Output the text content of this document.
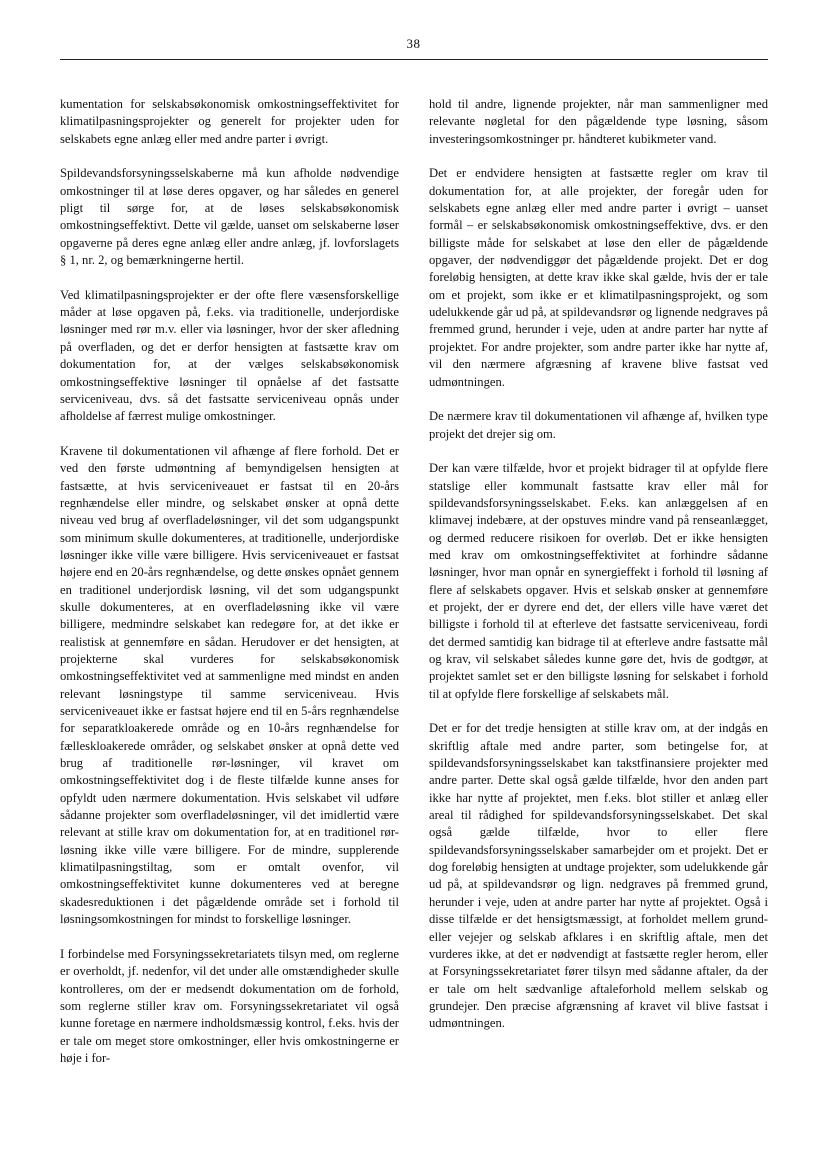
38

kumentation for selskabsøkonomisk omkostningseffektivitet for klimatilpasningsprojekter og generelt for projekter uden for selskabets egne anlæg eller med andre parter i øvrigt.

Spildevandsforsyningsselskaberne må kun afholde nødvendige omkostninger til at løse deres opgaver, og har således en generel pligt til sørge for, at de løses selskabsøkonomisk omkostningseffektivt. Dette vil gælde, uanset om selskaberne løser opgaverne på deres egne anlæg eller andre anlæg, jf. lovforslagets § 1, nr. 2, og bemærkningerne hertil.

Ved klimatilpasningsprojekter er der ofte flere væsensforskellige måder at løse opgaven på, f.eks. via traditionelle, underjordiske løsninger med rør m.v. eller via løsninger, hvor der sker afledning på overfladen, og det er derfor hensigten at fastsætte krav om dokumentation for, at der vælges selskabsøkonomisk omkostningseffektive løsninger til opnåelse af det fastsatte serviceniveau, dvs. så det fastsatte serviceniveau opnås under afholdelse af færrest mulige omkostninger.

Kravene til dokumentationen vil afhænge af flere forhold. Det er ved den første udmøntning af bemyndigelsen hensigten at fastsætte, at hvis serviceniveauet er fastsat til en 20-års regnhændelse eller mindre, og selskabet ønsker at opnå dette niveau ved brug af overfladeløsninger, vil det som udgangspunkt som minimum skulle dokumenteres, at traditionelle, underjordiske løsninger ikke ville være billigere. Hvis serviceniveauet er fastsat højere end en 20-års regnhændelse, og dette ønskes opnået gennem en traditionel underjordisk løsning, vil det som udgangspunkt skulle dokumenteres, at en overfladeløsning ikke vil være billigere, medmindre selskabet kan redegøre for, at det ikke er realistisk at gennemføre en sådan. Herudover er det hensigten, at projekterne skal vurderes for selskabsøkonomisk omkostningseffektivitet ved at sammenligne med mindst en anden relevant løsningstype til samme serviceniveau. Hvis serviceniveauet ikke er fastsat højere end til en 5-års regnhændelse for separatkloakerede område og en 10-års regnhændelse for fælleskloakerede områder, og selskabet ønsker at opnå dette ved brug af traditionelle rør-løsninger, vil kravet om omkostningseffektivitet dog i de fleste tilfælde kunne anses for opfyldt uden nærmere dokumentation. Hvis selskabet vil udføre sådanne projekter som overfladeløsninger, vil det imidlertid være relevant at stille krav om dokumentation for, at en traditionel rør-løsning ikke ville være billigere. For de mindre, supplerende klimatilpasningstiltag, som er omtalt ovenfor, vil omkostningseffektivitet kunne dokumenteres ved at beregne skadesreduktionen i det pågældende område set i forhold til løsningsomkostningen for mindst to forskellige løsninger.

I forbindelse med Forsyningssekretariatets tilsyn med, om reglerne er overholdt, jf. nedenfor, vil det under alle omstændigheder skulle kontrolleres, om der er medsendt dokumentation om de forhold, som reglerne stiller krav om. Forsyningssekretariatet vil også kunne foretage en nærmere indholdsmæssig kontrol, f.eks. hvis der er tale om meget store omkostninger, eller hvis omkostningerne er høje i for-

hold til andre, lignende projekter, når man sammenligner med relevante nøgletal for den pågældende type løsning, såsom investeringsomkostninger pr. håndteret kubikmeter vand.

Det er endvidere hensigten at fastsætte regler om krav til dokumentation for, at alle projekter, der foregår uden for selskabets egne anlæg eller med andre parter i øvrigt – uanset formål – er selskabsøkonomisk omkostningseffektive, dvs. er den billigste måde for selskabet at løse den eller de pågældende opgaver, der nødvendiggør det pågældende projekt. Det er dog foreløbig hensigten, at dette krav ikke skal gælde, hvis der er tale om et projekt, som ikke er et klimatilpasningsprojekt, og som udelukkende går ud på, at spildevandsrør og lignende nedgraves på fremmed grund, herunder i veje, uden at andre parter har nytte af projektet. For andre projekter, som andre parter ikke har nytte af, vil den nærmere afgræsning af kravene blive fastsat ved udmøntningen.

De nærmere krav til dokumentationen vil afhænge af, hvilken type projekt det drejer sig om.

Der kan være tilfælde, hvor et projekt bidrager til at opfylde flere statslige eller kommunalt fastsatte krav eller mål for spildevandsforsyningsselskabet. F.eks. kan anlæggelsen af en klimavej indebære, at der opstuves mindre vand på renseanlægget, og dermed reducere risikoen for overløb. Det er ikke hensigten med krav om omkostningseffektivitet at forhindre sådanne løsninger, hvor man opnår en synergieffekt i forhold til løsning af flere af selskabets opgaver. Hvis et selskab ønsker at gennemføre et projekt, der er dyrere end det, der ellers ville have været det billigste i forhold til at efterleve det fastsatte serviceniveau, fordi det dermed samtidig kan bidrage til at efterleve andre fastsatte mål og krav, vil selskabet således kunne gøre det, hvis de godtgør, at projektet samlet set er den billigste løsning for selskabet i forhold til at opfylde flere forskellige af selskabets mål.

Det er for det tredje hensigten at stille krav om, at der indgås en skriftlig aftale med andre parter, som betingelse for, at spildevandsforsyningsselskabet kan takstfinansiere projekter med andre parter. Dette skal også gælde tilfælde, hvor den anden part ikke har nytte af projektet, men f.eks. blot stiller et anlæg eller areal til rådighed for spildevandsforsyningsselskabet. Det skal også gælde tilfælde, hvor to eller flere spildevandsforsyningsselskaber samarbejder om et projekt. Det er dog foreløbig hensigten at undtage projekter, som udelukkende går ud på, at spildevandsrør og lign. nedgraves på fremmed grund, herunder i veje, uden at andre parter har nytte af projektet. Også i disse tilfælde er det hensigtsmæssigt, at forholdet mellem grund- eller vejejer og selskab afklares i en skriftlig aftale, men det vurderes ikke, at det er nødvendigt at fastsætte regler herom, eller at Forsyningssekretariatet fører tilsyn med sådanne aftaler, da der er tale om helt sædvanlige aftaleforhold mellem selskab og grundejer. Den præcise afgrænsning af kravet vil blive fastsat i udmøntningen.
